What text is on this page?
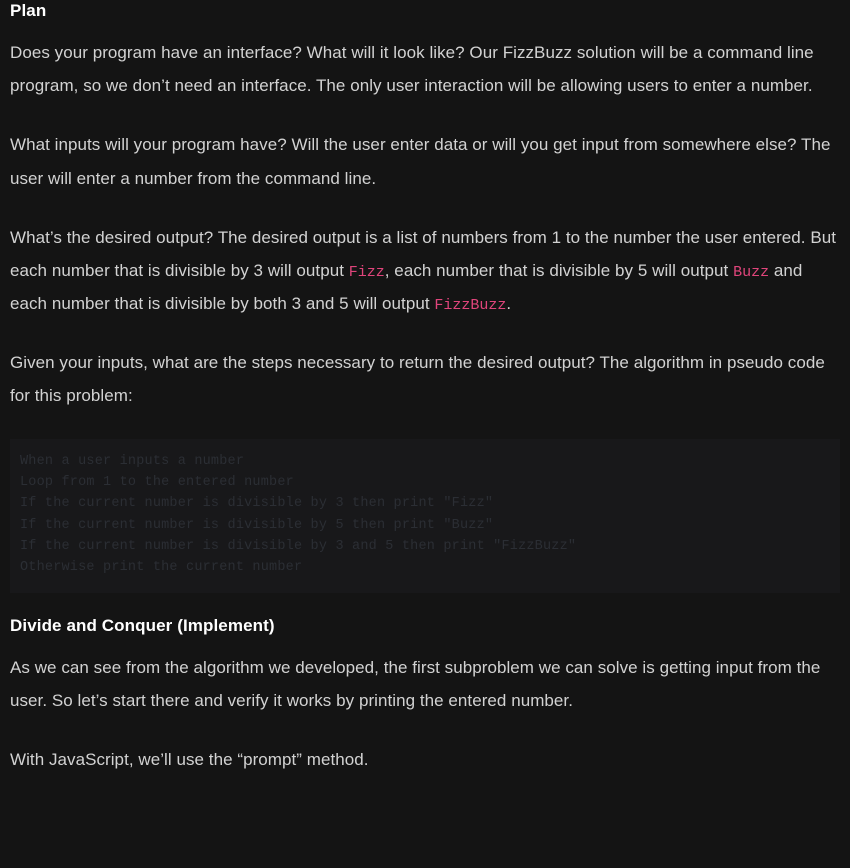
Plan

Does your program have an interface? What will it look like? Our FizzBuzz solution will be a command line program, so we don’t need an interface. The only user interaction will be allowing users to enter a number.

What inputs will your program have? Will the user enter data or will you get input from somewhere else? The user will enter a number from the command line.

What’s the desired output? The desired output is a list of numbers from 1 to the number the user entered. But each number that is divisible by 3 will output Fizz, each number that is divisible by 5 will output Buzz and each number that is divisible by both 3 and 5 will output FizzBuzz.

Given your inputs, what are the steps necessary to return the desired output? The algorithm in pseudo code for this problem:

When a user inputs a number
Loop from 1 to the entered number
If the current number is divisible by 3 then print "Fizz"
If the current number is divisible by 5 then print "Buzz"
If the current number is divisible by 3 and 5 then print "FizzBuzz"
Otherwise print the current number
Divide and Conquer (Implement)

As we can see from the algorithm we developed, the first subproblem we can solve is getting input from the user. So let’s start there and verify it works by printing the entered number.

With JavaScript, we’ll use the “prompt” method.
